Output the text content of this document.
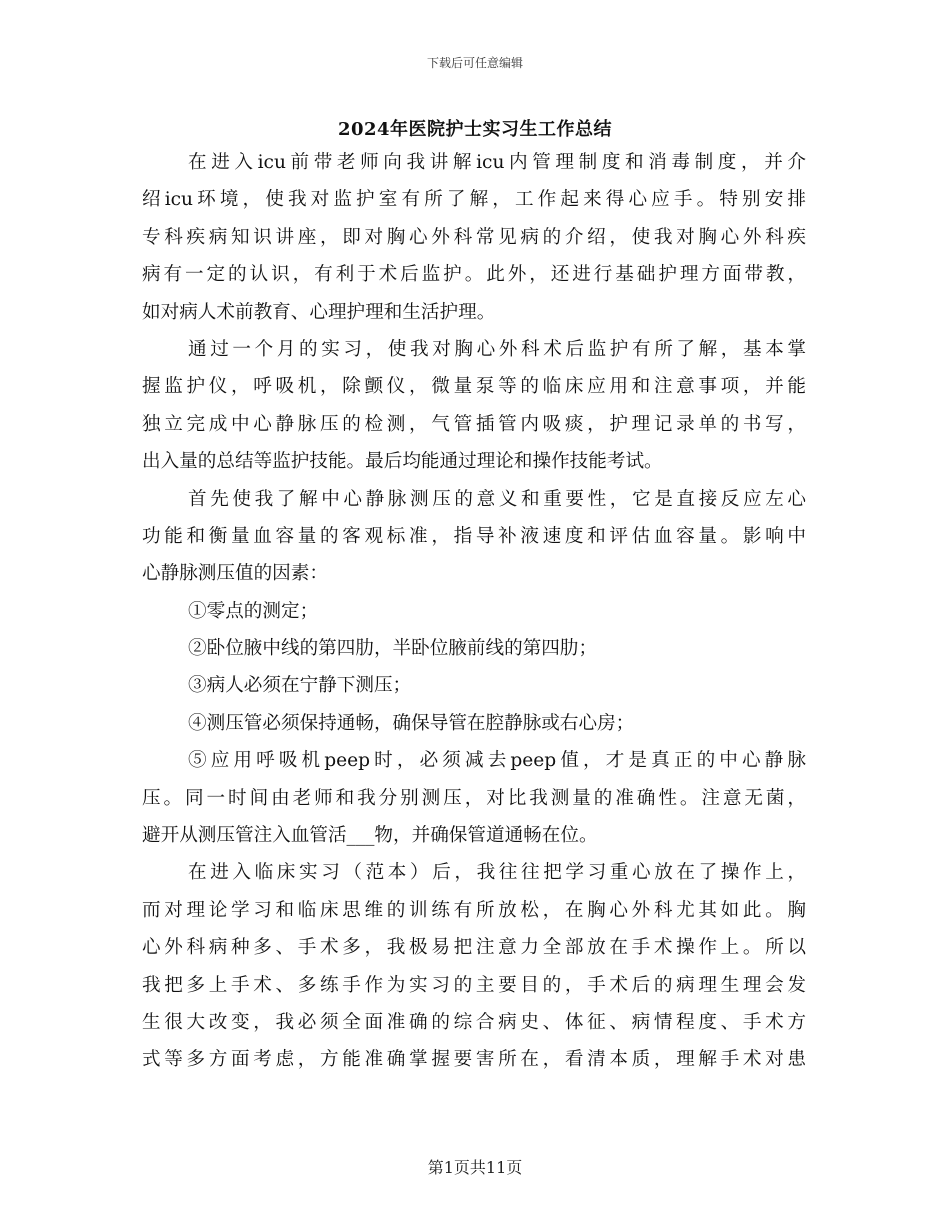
下载后可任意编辑
2024年医院护士实习生工作总结
在进入icu前带老师向我讲解icu内管理制度和消毒制度，并介
绍icu环境，使我对监护室有所了解，工作起来得心应手。特别安排
专科疾病知识讲座，即对胸心外科常见病的介绍，使我对胸心外科疾
病有一定的认识，有利于术后监护。此外，还进行基础护理方面带教，
如对病人术前教育、心理护理和生活护理。
通过一个月的实习，使我对胸心外科术后监护有所了解，基本掌
握监护仪，呼吸机，除颤仪，微量泵等的临床应用和注意事项，并能
独立完成中心静脉压的检测，气管插管内吸痰，护理记录单的书写，
出入量的总结等监护技能。最后均能通过理论和操作技能考试。
首先使我了解中心静脉测压的意义和重要性，它是直接反应左心
功能和衡量血容量的客观标准，指导补液速度和评估血容量。影响中
心静脉测压值的因素：
①零点的测定；
②卧位腋中线的第四肋，半卧位腋前线的第四肋；
③病人必须在宁静下测压；
④测压管必须保持通畅，确保导管在腔静脉或右心房；
⑤应用呼吸机peep时，必须减去peep值，才是真正的中心静脉
压。同一时间由老师和我分别测压，对比我测量的准确性。注意无菌，
避开从测压管注入血管活___物，并确保管道通畅在位。
在进入临床实习（范本）后，我往往把学习重心放在了操作上，
而对理论学习和临床思维的训练有所放松，在胸心外科尤其如此。胸
心外科病种多、手术多，我极易把注意力全部放在手术操作上。所以
我把多上手术、多练手作为实习的主要目的，手术后的病理生理会发
生很大改变，我必须全面准确的综合病史、体征、病情程度、手术方
式等多方面考虑，方能准确掌握要害所在，看清本质，理解手术对患
第1页共11页
